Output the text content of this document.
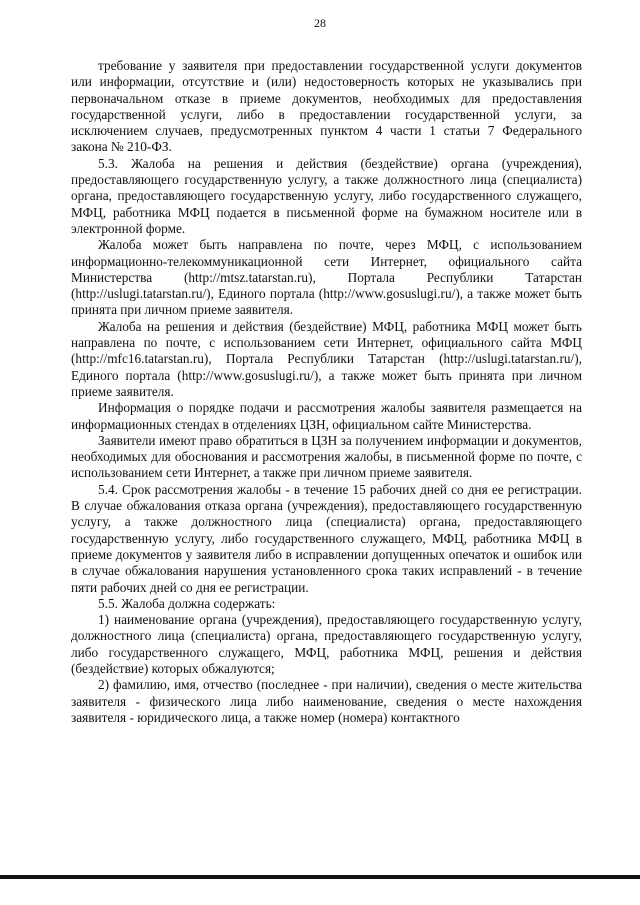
28

требование у заявителя при предоставлении государственной услуги документов или информации, отсутствие и (или) недостоверность которых не указывались при первоначальном отказе в приеме документов, необходимых для предоставления государственной услуги, либо в предоставлении государственной услуги, за исключением случаев, предусмотренных пунктом 4 части 1 статьи 7 Федерального закона № 210-ФЗ.

5.3. Жалоба на решения и действия (бездействие) органа (учреждения), предоставляющего государственную услугу, а также должностного лица (специалиста) органа, предоставляющего государственную услугу, либо государственного служащего, МФЦ, работника МФЦ подается в письменной форме на бумажном носителе или в электронной форме.

Жалоба может быть направлена по почте, через МФЦ, с использованием информационно-телекоммуникационной сети Интернет, официального сайта Министерства (http://mtsz.tatarstan.ru), Портала Республики Татарстан (http://uslugi.tatarstan.ru/), Единого портала (http://www.gosuslugi.ru/), а также может быть принята при личном приеме заявителя.

Жалоба на решения и действия (бездействие) МФЦ, работника МФЦ может быть направлена по почте, с использованием сети Интернет, официального сайта МФЦ (http://mfc16.tatarstan.ru), Портала Республики Татарстан (http://uslugi.tatarstan.ru/), Единого портала (http://www.gosuslugi.ru/), а также может быть принята при личном приеме заявителя.

Информация о порядке подачи и рассмотрения жалобы заявителя размещается на информационных стендах в отделениях ЦЗН, официальном сайте Министерства.

Заявители имеют право обратиться в ЦЗН за получением информации и документов, необходимых для обоснования и рассмотрения жалобы, в письменной форме по почте, с использованием сети Интернет, а также при личном приеме заявителя.

5.4. Срок рассмотрения жалобы - в течение 15 рабочих дней со дня ее регистрации. В случае обжалования отказа органа (учреждения), предоставляющего государственную услугу, а также должностного лица (специалиста) органа, предоставляющего государственную услугу, либо государственного служащего, МФЦ, работника МФЦ в приеме документов у заявителя либо в исправлении допущенных опечаток и ошибок или в случае обжалования нарушения установленного срока таких исправлений - в течение пяти рабочих дней со дня ее регистрации.

5.5. Жалоба должна содержать:

1) наименование органа (учреждения), предоставляющего государственную услугу, должностного лица (специалиста) органа, предоставляющего государственную услугу, либо государственного служащего, МФЦ, работника МФЦ, решения и действия (бездействие) которых обжалуются;

2) фамилию, имя, отчество (последнее - при наличии), сведения о месте жительства заявителя - физического лица либо наименование, сведения о месте нахождения заявителя - юридического лица, а также номер (номера) контактного
